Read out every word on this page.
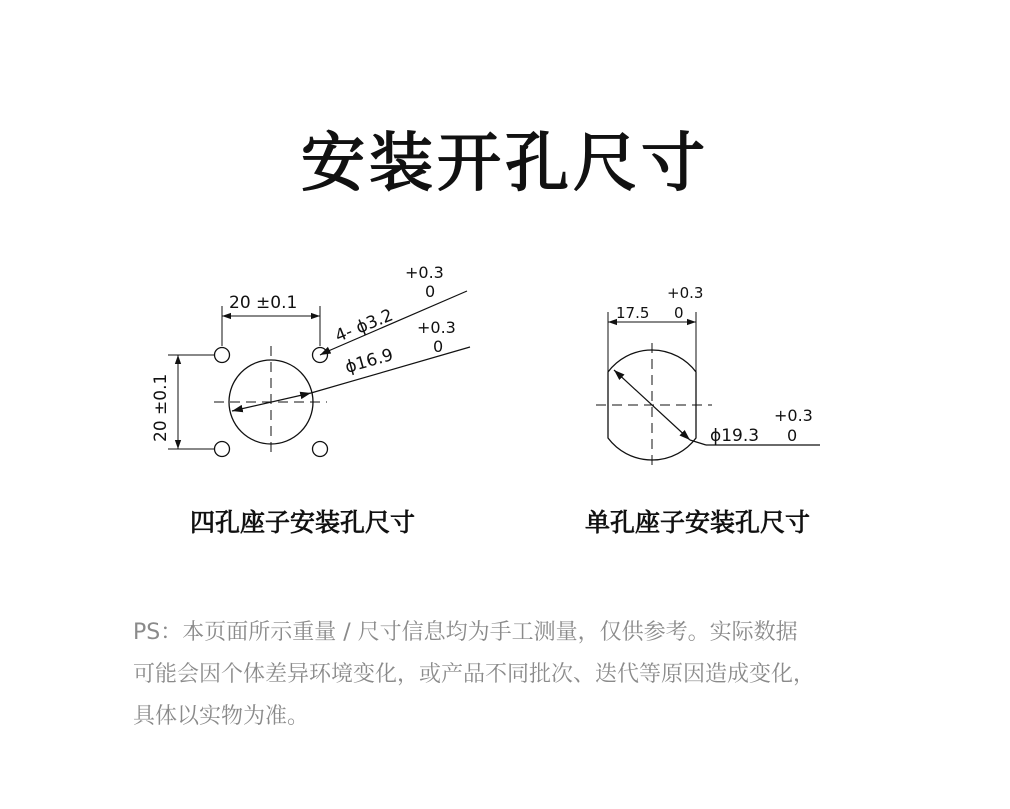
安装开孔尺寸
20 ±0.1
20 ±0.1
4- ϕ3.2
+0.3
0
ϕ16.9
+0.3
0
17.5
+0.3
0
ϕ19.3
+0.3
0
四孔座子安装孔尺寸	单孔座子安装孔尺寸
PS：本页面所示重量 / 尺寸信息均为手工测量，仅供参考。实际数据
可能会因个体差异环境变化，或产品不同批次、迭代等原因造成变化，
具体以实物为准。
